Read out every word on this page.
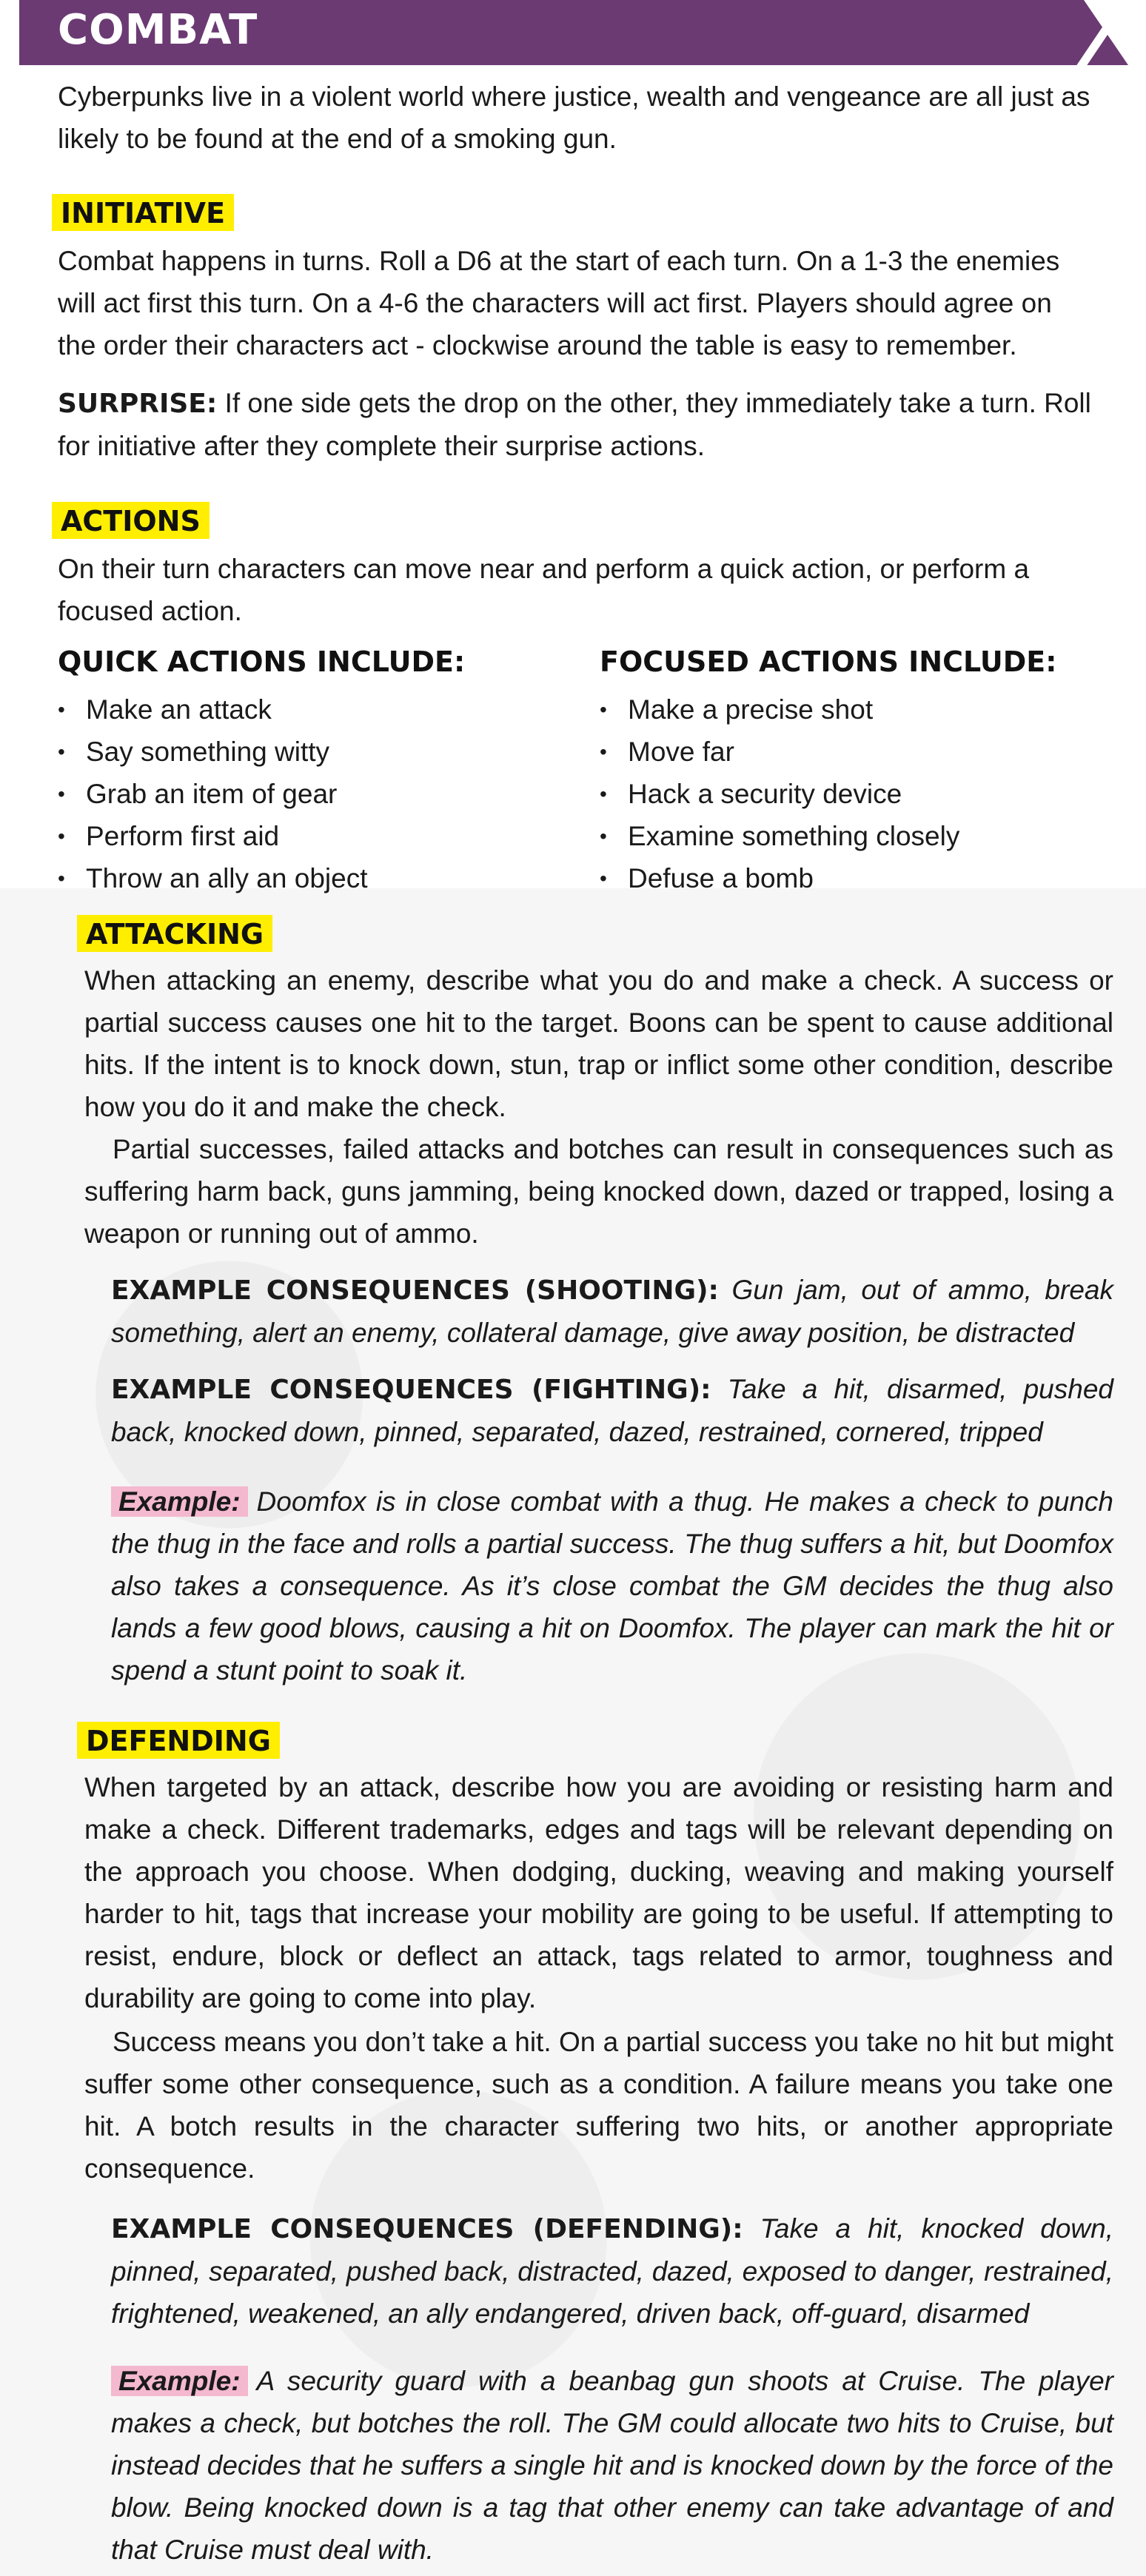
COMBAT
Cyberpunks live in a violent world where justice, wealth and vengeance are all just as likely to be found at the end of a smoking gun.
INITIATIVE
Combat happens in turns. Roll a D6 at the start of each turn. On a 1-3 the enemies will act first this turn. On a 4-6 the characters will act first. Players should agree on the order their characters act - clockwise around the table is easy to remember.
SURPRISE: If one side gets the drop on the other, they immediately take a turn. Roll for initiative after they complete their surprise actions.
ACTIONS
On their turn characters can move near and perform a quick action, or perform a focused action.
QUICK ACTIONS INCLUDE:
• Make an attack
• Say something witty
• Grab an item of gear
• Perform first aid
• Throw an ally an object
FOCUSED ACTIONS INCLUDE:
• Make a precise shot
• Move far
• Hack a security device
• Examine something closely
• Defuse a bomb
ATTACKING
When attacking an enemy, describe what you do and make a check. A success or partial success causes one hit to the target. Boons can be spent to cause additional hits. If the intent is to knock down, stun, trap or inflict some other condition, describe how you do it and make the check.
Partial successes, failed attacks and botches can result in consequences such as suffering harm back, guns jamming, being knocked down, dazed or trapped, losing a weapon or running out of ammo.
EXAMPLE CONSEQUENCES (SHOOTING): Gun jam, out of ammo, break something, alert an enemy, collateral damage, give away position, be distracted
EXAMPLE CONSEQUENCES (FIGHTING): Take a hit, disarmed, pushed back, knocked down, pinned, separated, dazed, restrained, cornered, tripped
Example: Doomfox is in close combat with a thug. He makes a check to punch the thug in the face and rolls a partial success. The thug suffers a hit, but Doomfox also takes a consequence. As it’s close combat the GM decides the thug also lands a few good blows, causing a hit on Doomfox. The player can mark the hit or spend a stunt point to soak it.
DEFENDING
When targeted by an attack, describe how you are avoiding or resisting harm and make a check. Different trademarks, edges and tags will be relevant depending on the approach you choose. When dodging, ducking, weaving and making yourself harder to hit, tags that increase your mobility are going to be useful. If attempting to resist, endure, block or deflect an attack, tags related to armor, toughness and durability are going to come into play.
Success means you don’t take a hit. On a partial success you take no hit but might suffer some other consequence, such as a condition. A failure means you take one hit. A botch results in the character suffering two hits, or another appropriate consequence.
EXAMPLE CONSEQUENCES (DEFENDING): Take a hit, knocked down, pinned, separated, pushed back, distracted, dazed, exposed to danger, restrained, frightened, weakened, an ally endangered, driven back, off-guard, disarmed
Example: A security guard with a beanbag gun shoots at Cruise. The player makes a check, but botches the roll. The GM could allocate two hits to Cruise, but instead decides that he suffers a single hit and is knocked down by the force of the blow. Being knocked down is a tag that other enemy can take advantage of and that Cruise must deal with.
